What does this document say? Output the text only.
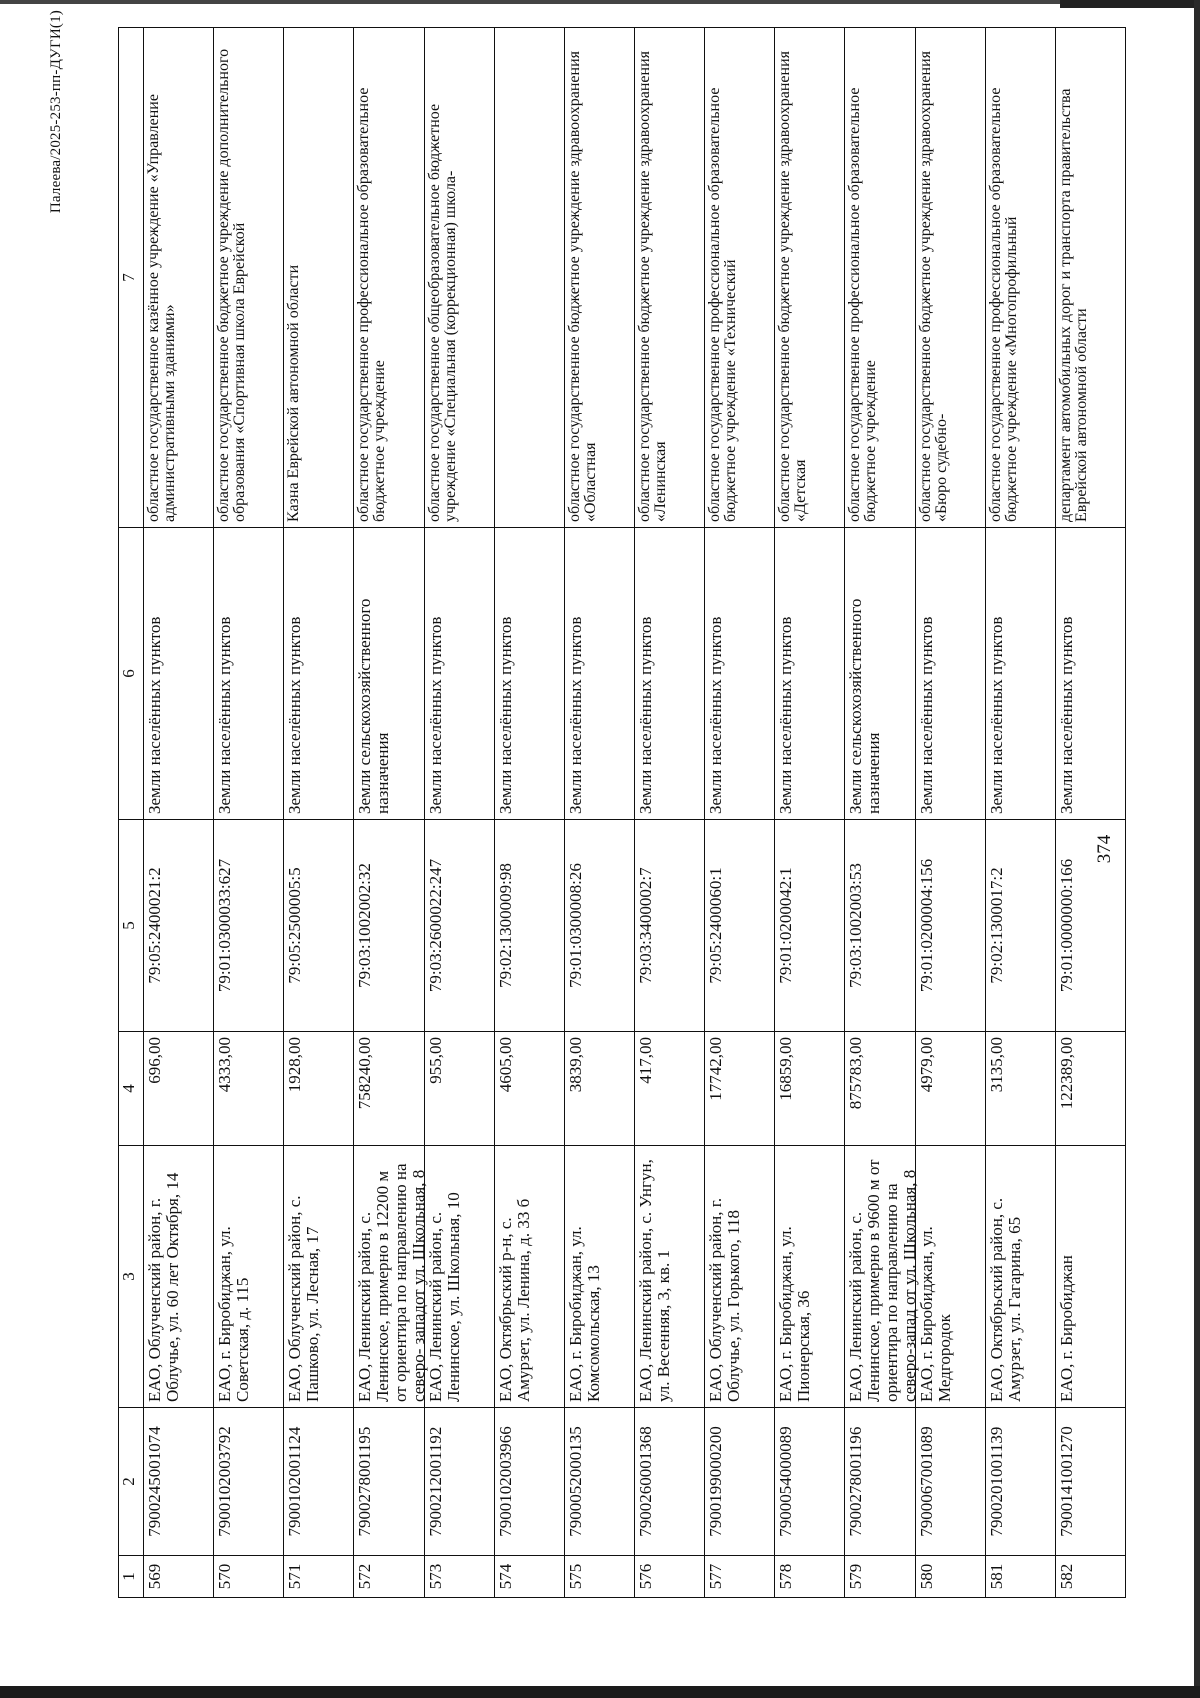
374
Палеева/2025-253-пп-ДУГИ(1)
1	2	3	4	5	6	7

569	7900245001074	ЕАО, Облученский район, г. Облучье, ул. 60 лет Октября, 14	696,00	79:05:2400021:2	Земли населённых пунктов	областное государственное казённое учреждение «Управление административными зданиями»

570	7900102003792	ЕАО, г. Биробиджан, ул. Советская, д. 115	4333,00	79:01:0300033:627	Земли населённых пунктов	областное государственное бюджетное учреждение дополнительного образования «Спортивная школа Еврейской

571	7900102001124	ЕАО, Облученский район, с. Пашково, ул. Лесная, 17	1928,00	79:05:2500005:5	Земли населённых пунктов	Казна Еврейской автономной области

572	7900278001195	ЕАО, Ленинский район, с. Ленинское, примерно в 12200 м от ориентира по направлению на северо- западот ул. Школьная, 8	758240,00	79:03:1002002:32	Земли сельскохозяйственного назначения	областное государственное профессиональное образовательное бюджетное учреждение

573	7900212001192	ЕАО, Ленинский район, с. Ленинское, ул. Школьная, 10	955,00	79:03:2600022:247	Земли населённых пунктов	областное государственное общеобразовательное бюджетное учреждение «Специальная (коррекционная) школа-

574	7900102003966	ЕАО, Октябрьский р-н, с. Амурзет, ул. Ленина, д. 33 б	4605,00	79:02:1300009:98	Земли населённых пунктов	

575	7900052000135	ЕАО, г. Биробиджан, ул. Комсомольская, 13	3839,00	79:01:0300008:26	Земли населённых пунктов	областное государственное бюджетное учреждение здравоохранения «Областная

576	7900260001368	ЕАО, Ленинский район, с. Унгун, ул. Весенняя, 3, кв. 1	417,00	79:03:3400002:7	Земли населённых пунктов	областное государственное бюджетное учреждение здравоохранения «Ленинская

577	7900199000200	ЕАО, Облученский район, г. Облучье, ул. Горького, 118	17742,00	79:05:2400060:1	Земли населённых пунктов	областное государственное профессиональное образовательное бюджетное учреждение «Технический

578	7900054000089	ЕАО, г. Биробиджан, ул. Пионерская, 36	16859,00	79:01:0200042:1	Земли населённых пунктов	областное государственное бюджетное учреждение здравоохранения «Детская

579	7900278001196	ЕАО, Ленинский район, с. Ленинское, примерно в 9600 м от ориентира по направлению на северо-запад от ул. Школьная, 8	875783,00	79:03:1002003:53	Земли сельскохозяйственного назначения	областное государственное профессиональное образовательное бюджетное учреждение

580	7900067001089	ЕАО, г. Биробиджан, ул. Медгородок	4979,00	79:01:0200004:156	Земли населённых пунктов	областное государственное бюджетное учреждение здравоохранения «Бюро судебно-

581	7900201001139	ЕАО, Октябрьский район, с. Амурзет, ул. Гагарина, 65	3135,00	79:02:1300017:2	Земли населённых пунктов	областное государственное профессиональное образовательное бюджетное учреждение «Многопрофильный

582	7900141001270	ЕАО, г. Биробиджан	122389,00	79:01:0000000:166	Земли населённых пунктов	департамент автомобильных дорог и транспорта правительства Еврейской автономной области
